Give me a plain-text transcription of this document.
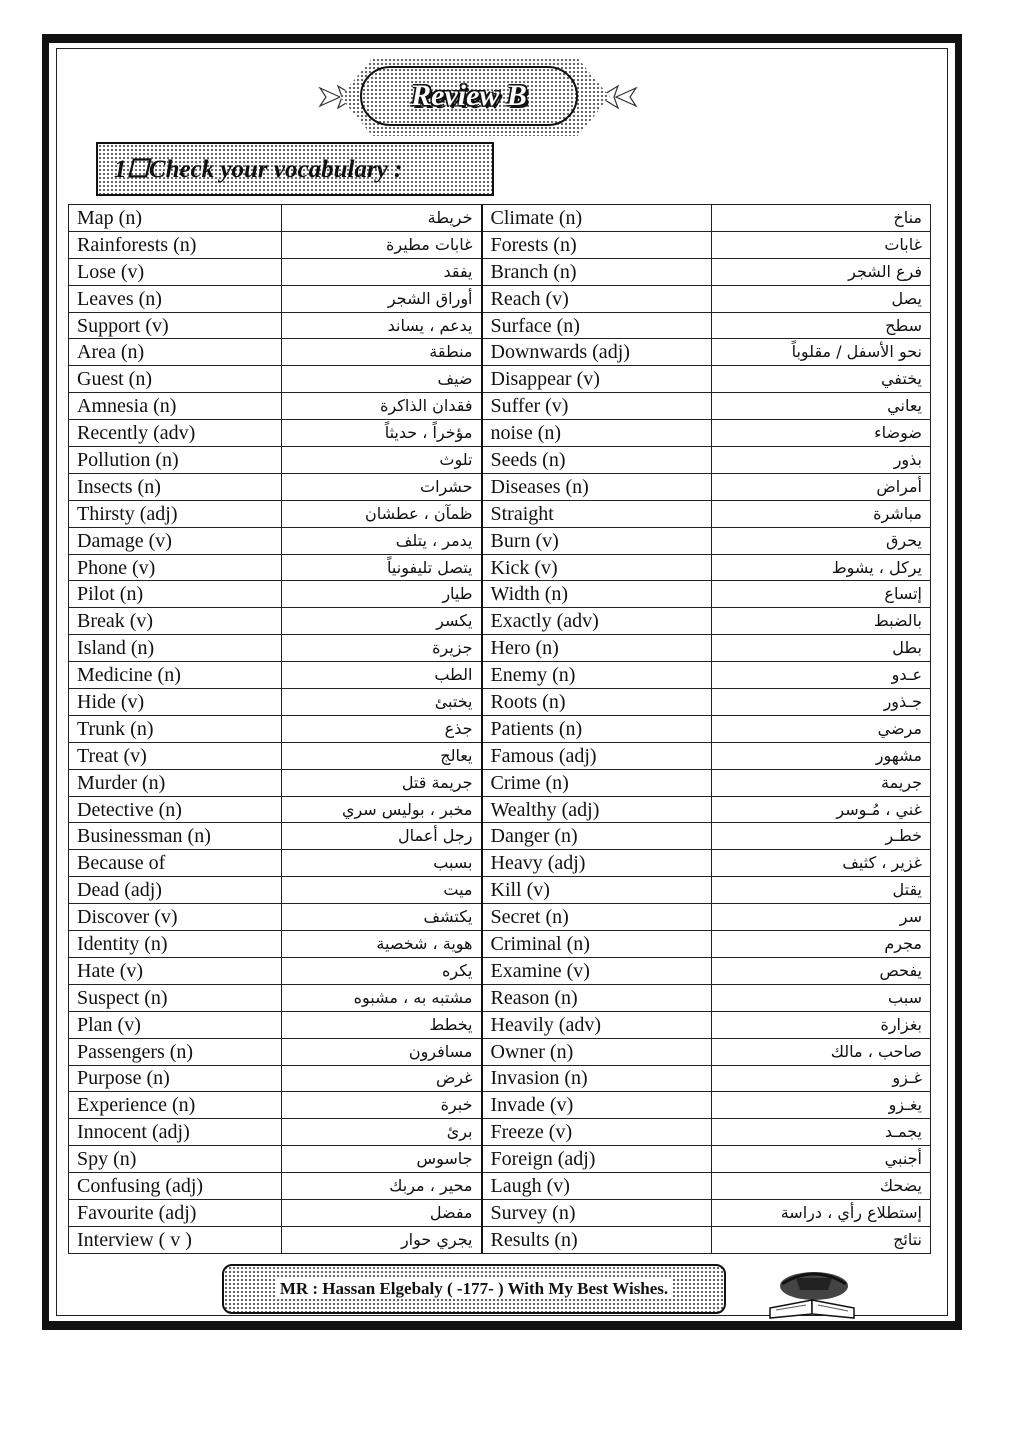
Review B
1☐Check your vocabulary :
Map (n)	خريطة	Climate (n)	مناخ
Rainforests (n)	غابات مطيرة	Forests (n)	غابات
Lose (v)	يفقد	Branch (n)	فرع الشجر
Leaves (n)	أوراق الشجر	Reach (v)	يصل
Support (v)	يدعم ، يساند	Surface (n)	سطح
Area (n)	منطقة	Downwards (adj)	نحو الأسفل / مقلوباً
Guest (n)	ضيف	Disappear (v)	يختفي
Amnesia (n)	فقدان الذاكرة	Suffer (v)	يعاني
Recently (adv)	مؤخراً ، حديثاً	noise (n)	ضوضاء
Pollution (n)	تلوث	Seeds (n)	بذور
Insects (n)	حشرات	Diseases (n)	أمراض
Thirsty (adj)	ظمآن ، عطشان	Straight	مباشرة
Damage (v)	يدمر ، يتلف	Burn (v)	يحرق
Phone (v)	يتصل تليفونياً	Kick (v)	يركل ، يشوط
Pilot (n)	طيار	Width (n)	إتساع
Break (v)	يكسر	Exactly (adv)	بالضبط
Island (n)	جزيرة	Hero (n)	بطل
Medicine (n)	الطب	Enemy (n)	عـدو
Hide (v)	يختبئ	Roots (n)	جـذور
Trunk (n)	جذع	Patients (n)	مرضي
Treat (v)	يعالج	Famous (adj)	مشهور
Murder (n)	جريمة قتل	Crime (n)	جريمة
Detective (n)	مخبر ، بوليس سري	Wealthy (adj)	غني ، مُـوسر
Businessman (n)	رجل أعمال	Danger (n)	خطـر
Because of	بسبب	Heavy (adj)	غزير ، كثيف
Dead (adj)	ميت	Kill (v)	يقتل
Discover (v)	يكتشف	Secret (n)	سر
Identity (n)	هوية ، شخصية	Criminal (n)	مجرم
Hate (v)	يكره	Examine (v)	يفحص
Suspect (n)	مشتبه به ، مشبوه	Reason (n)	سبب
Plan (v)	يخطط	Heavily (adv)	بغزارة
Passengers (n)	مسافرون	Owner (n)	صاحب ، مالك
Purpose (n)	غرض	Invasion (n)	غـزو
Experience (n)	خبرة	Invade (v)	يغـزو
Innocent (adj)	برئ	Freeze (v)	يجمـد
Spy (n)	جاسوس	Foreign (adj)	أجنبي
Confusing (adj)	محير ، مربك	Laugh (v)	يضحك
Favourite (adj)	مفضل	Survey (n)	إستطلاع رأي ، دراسة
Interview ( v )	يجري حوار	Results (n)	نتائج
MR : Hassan Elgebaly ( -177- ) With My Best Wishes.
